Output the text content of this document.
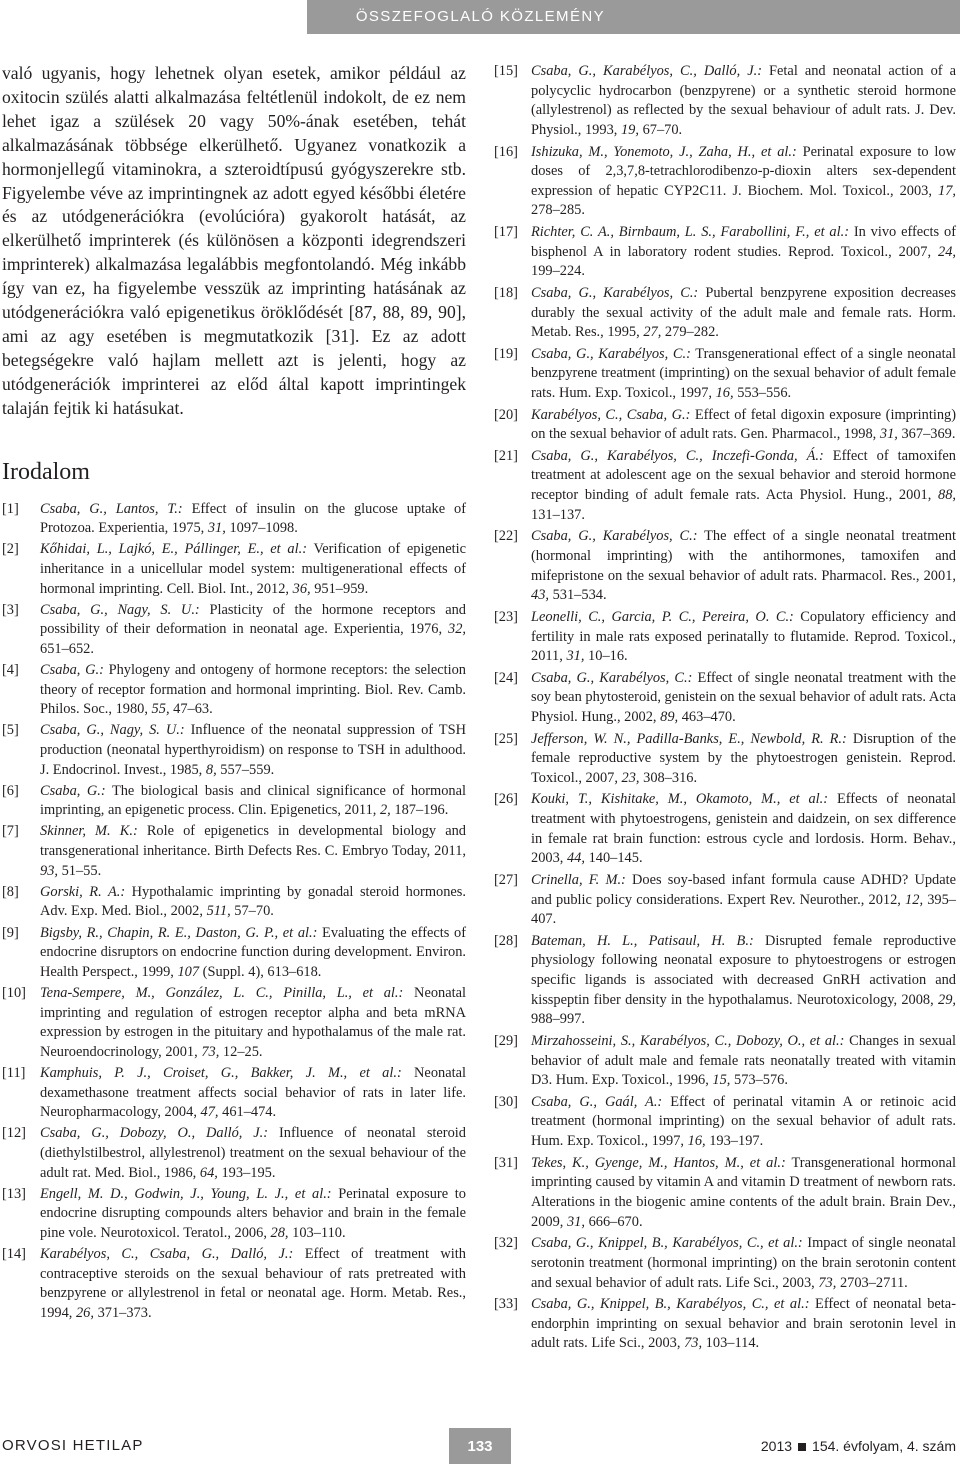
ÖSSZEFOGLALÓ KÖZLEMÉNY

való ugyanis, hogy lehetnek olyan esetek, amikor például az oxitocin szülés alatti alkalmazása feltétlenül indokolt, de ez nem lehet igaz a szülések 20 vagy 50%-ának esetében, tehát alkalmazásának többsége elkerülhető. Ugyanez vonatkozik a hormonjellegű vitaminokra, a szteroidtípusú gyógyszerekre stb. Figyelembe véve az imprintingnek az adott egyed későbbi életére és az utódgenerációkra (evolúcióra) gyakorolt hatását, az elkerülhető imprinterek (és különösen a központi idegrendszeri imprinterek) alkalmazása legalábbis megfontolandó. Még inkább így van ez, ha figyelembe vesszük az imprinting hatásának az utódgenerációkra való epigenetikus öröklődését [87, 88, 89, 90], ami az agy esetében is megmutatkozik [31]. Ez az adott betegségekre való hajlam mellett azt is jelenti, hogy az utódgenerációk imprinterei az előd által kapott imprintingek talaján fejtik ki hatásukat.

Irodalom
[1] Csaba, G., Lantos, T.: Effect of insulin on the glucose uptake of Protozoa. Experientia, 1975, 31, 1097–1098.
[2] Kőhidai, L., Lajkó, E., Pállinger, E., et al.: Verification of epigenetic inheritance in a unicellular model system: multigenerational effects of hormonal imprinting. Cell. Biol. Int., 2012, 36, 951–959.
[3] Csaba, G., Nagy, S. U.: Plasticity of the hormone receptors and possibility of their deformation in neonatal age. Experientia, 1976, 32, 651–652.
[4] Csaba, G.: Phylogeny and ontogeny of hormone receptors: the selection theory of receptor formation and hormonal imprinting. Biol. Rev. Camb. Philos. Soc., 1980, 55, 47–63.
[5] Csaba, G., Nagy, S. U.: Influence of the neonatal suppression of TSH production (neonatal hyperthyroidism) on response to TSH in adulthood. J. Endocrinol. Invest., 1985, 8, 557–559.
[6] Csaba, G.: The biological basis and clinical significance of hormonal imprinting, an epigenetic process. Clin. Epigenetics, 2011, 2, 187–196.
[7] Skinner, M. K.: Role of epigenetics in developmental biology and transgenerational inheritance. Birth Defects Res. C. Embryo Today, 2011, 93, 51–55.
[8] Gorski, R. A.: Hypothalamic imprinting by gonadal steroid hormones. Adv. Exp. Med. Biol., 2002, 511, 57–70.
[9] Bigsby, R., Chapin, R. E., Daston, G. P., et al.: Evaluating the effects of endocrine disruptors on endocrine function during development. Environ. Health Perspect., 1999, 107 (Suppl. 4), 613–618.
[10] Tena-Sempere, M., González, L. C., Pinilla, L., et al.: Neonatal imprinting and regulation of estrogen receptor alpha and beta mRNA expression by estrogen in the pituitary and hypothalamus of the male rat. Neuroendocrinology, 2001, 73, 12–25.
[11] Kamphuis, P. J., Croiset, G., Bakker, J. M., et al.: Neonatal dexamethasone treatment affects social behavior of rats in later life. Neuropharmacology, 2004, 47, 461–474.
[12] Csaba, G., Dobozy, O., Dalló, J.: Influence of neonatal steroid (diethylstilbestrol, allylestrenol) treatment on the sexual behaviour of the adult rat. Med. Biol., 1986, 64, 193–195.
[13] Engell, M. D., Godwin, J., Young, L. J., et al.: Perinatal exposure to endocrine disrupting compounds alters behavior and brain in the female pine vole. Neurotoxicol. Teratol., 2006, 28, 103–110.
[14] Karabélyos, C., Csaba, G., Dalló, J.: Effect of treatment with contraceptive steroids on the sexual behaviour of rats pretreated with benzpyrene or allylestrenol in fetal or neonatal age. Horm. Metab. Res., 1994, 26, 371–373.
[15] Csaba, G., Karabélyos, C., Dalló, J.: Fetal and neonatal action of a polycyclic hydrocarbon (benzpyrene) or a synthetic steroid hormone (allylestrenol) as reflected by the sexual behaviour of adult rats. J. Dev. Physiol., 1993, 19, 67–70.
[16] Ishizuka, M., Yonemoto, J., Zaha, H., et al.: Perinatal exposure to low doses of 2,3,7,8-tetrachlorodibenzo-p-dioxin alters sex-dependent expression of hepatic CYP2C11. J. Biochem. Mol. Toxicol., 2003, 17, 278–285.
[17] Richter, C. A., Birnbaum, L. S., Farabollini, F., et al.: In vivo effects of bisphenol A in laboratory rodent studies. Reprod. Toxicol., 2007, 24, 199–224.
[18] Csaba, G., Karabélyos, C.: Pubertal benzpyrene exposition decreases durably the sexual activity of the adult male and female rats. Horm. Metab. Res., 1995, 27, 279–282.
[19] Csaba, G., Karabélyos, C.: Transgenerational effect of a single neonatal benzpyrene treatment (imprinting) on the sexual behavior of adult female rats. Hum. Exp. Toxicol., 1997, 16, 553–556.
[20] Karabélyos, C., Csaba, G.: Effect of fetal digoxin exposure (imprinting) on the sexual behavior of adult rats. Gen. Pharmacol., 1998, 31, 367–369.
[21] Csaba, G., Karabélyos, C., Inczefi-Gonda, Á.: Effect of tamoxifen treatment at adolescent age on the sexual behavior and steroid hormone receptor binding of adult female rats. Acta Physiol. Hung., 2001, 88, 131–137.
[22] Csaba, G., Karabélyos, C.: The effect of a single neonatal treatment (hormonal imprinting) with the antihormones, tamoxifen and mifepristone on the sexual behavior of adult rats. Pharmacol. Res., 2001, 43, 531–534.
[23] Leonelli, C., Garcia, P. C., Pereira, O. C.: Copulatory efficiency and fertility in male rats exposed perinatally to flutamide. Reprod. Toxicol., 2011, 31, 10–16.
[24] Csaba, G., Karabélyos, C.: Effect of single neonatal treatment with the soy bean phytosteroid, genistein on the sexual behavior of adult rats. Acta Physiol. Hung., 2002, 89, 463–470.
[25] Jefferson, W. N., Padilla-Banks, E., Newbold, R. R.: Disruption of the female reproductive system by the phytoestrogen genistein. Reprod. Toxicol., 2007, 23, 308–316.
[26] Kouki, T., Kishitake, M., Okamoto, M., et al.: Effects of neonatal treatment with phytoestrogens, genistein and daidzein, on sex difference in female rat brain function: estrous cycle and lordosis. Horm. Behav., 2003, 44, 140–145.
[27] Crinella, F. M.: Does soy-based infant formula cause ADHD? Update and public policy considerations. Expert Rev. Neurother., 2012, 12, 395–407.
[28] Bateman, H. L., Patisaul, H. B.: Disrupted female reproductive physiology following neonatal exposure to phytoestrogens or estrogen specific ligands is associated with decreased GnRH activation and kisspeptin fiber density in the hypothalamus. Neurotoxicology, 2008, 29, 988–997.
[29] Mirzahosseini, S., Karabélyos, C., Dobozy, O., et al.: Changes in sexual behavior of adult male and female rats neonatally treated with vitamin D3. Hum. Exp. Toxicol., 1996, 15, 573–576.
[30] Csaba, G., Gaál, A.: Effect of perinatal vitamin A or retinoic acid treatment (hormonal imprinting) on the sexual behavior of adult rats. Hum. Exp. Toxicol., 1997, 16, 193–197.
[31] Tekes, K., Gyenge, M., Hantos, M., et al.: Transgenerational hormonal imprinting caused by vitamin A and vitamin D treatment of newborn rats. Alterations in the biogenic amine contents of the adult brain. Brain Dev., 2009, 31, 666–670.
[32] Csaba, G., Knippel, B., Karabélyos, C., et al.: Impact of single neonatal serotonin treatment (hormonal imprinting) on the brain serotonin content and sexual behavior of adult rats. Life Sci., 2003, 73, 2703–2711.
[33] Csaba, G., Knippel, B., Karabélyos, C., et al.: Effect of neonatal beta-endorphin imprinting on sexual behavior and brain serotonin level in adult rats. Life Sci., 2003, 73, 103–114.
ORVOSI HETILAP	133	2013 154. évfolyam, 4. szám
